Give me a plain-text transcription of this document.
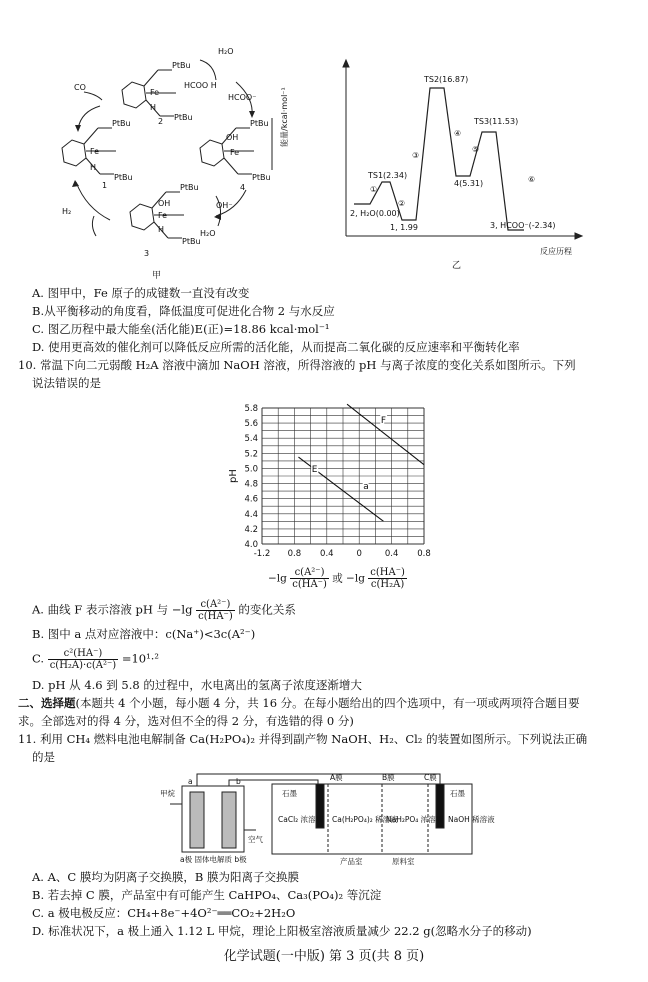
PtBu
PtBu
Fe
H
2
CO	HCOO H
H₂O
HCOO⁻
PtBu
PtBu
Fe
H
1
PtBu
PtBu
OH
Fe
4
OH⁻
H₂O
PtBu
PtBu
Fe
OH
H
3
H₂
甲
能量/kcal·mol⁻¹
反应历程
乙
2, H₂O(0.00)
TS1(2.34)
1, 1.99
TS2(16.87)
4(5.31)
TS3(11.53)
3, HCOO⁻(-2.34)
①
②
③
④
⑤
⑥
A. 图甲中，Fe 原子的成键数一直没有改变
B.从平衡移动的角度看，降低温度可促进化合物 2 与水反应
C. 图乙历程中最大能垒(活化能)E(正)=18.86 kcal·mol⁻¹
D. 使用更高效的催化剂可以降低反应所需的活化能，从而提高二氧化碳的反应速率和平衡转化率
10. 常温下向二元弱酸 H₂A 溶液中滴加 NaOH 溶液，所得溶液的 pH 与离子浓度的变化关系如图所示。下列
说法错误的是
F
E
a
4.0
4.2
4.4
4.6
4.8
5.0
5.2
5.4
5.6
5.8
-1.2 0.8 0.4	0	0.4 0.8
pH
$-\lg \frac{\text{c(A²⁻)}}{c(HA^-)}$ 或 $-\lg \frac{c(HA^-)}{\text{c(H₂A)}}$
A. 曲线 F 表示溶液 pH 与 $-\lg \frac{\text{c(A²⁻)}}{c(HA^-)}$ 的变化关系
B. 图中 a 点对应溶液中：c(Na⁺)<3c(A²⁻)
C. $\frac{\text{c²(HA⁻)}}{\text{c(H₂A)·c(A²⁻)}} =10^1\cdot^2$
D. pH 从 4.6 到 5.8 的过程中，水电离出的氢离子浓度逐渐增大
二、选择题(本题共 4 个小题，每小题 4 分，共 16 分。在每小题给出的四个选项中，有一项或两项符合题目要
求。全部选对的得 4 分，选对但不全的得 2 分，有选错的得 0 分)
11. 利用 CH₄ 燃料电池电解制备 Ca(H₂PO₄)₂ 并得到副产物 NaOH、H₂、Cl₂ 的装置如图所示。下列说法正确
的是
甲烷
空气
a	b
a极 固体电解质 b极
石墨	石墨
A膜	B膜	C膜
CaCl₂ 浓溶液 Ca(H₂PO₄)₂ 稀溶液
NaH₂PO₄ 浓溶液 NaOH 稀溶液
产品室	原料室
A. A、C 膜均为阴离子交换膜，B 膜为阳离子交换膜
B. 若去掉 C 膜，产品室中有可能产生 CaHPO₄、Ca₃(PO₄)₂ 等沉淀
C. a 极电极反应：CH₄+8e⁻+4O²⁻══CO₂+2H₂O
D. 标准状况下，a 极上通入 1.12 L 甲烷，理论上阳极室溶液质量减少 22.2 g(忽略水分子的移动)
化学试题(一中版) 第 3 页(共 8 页)
